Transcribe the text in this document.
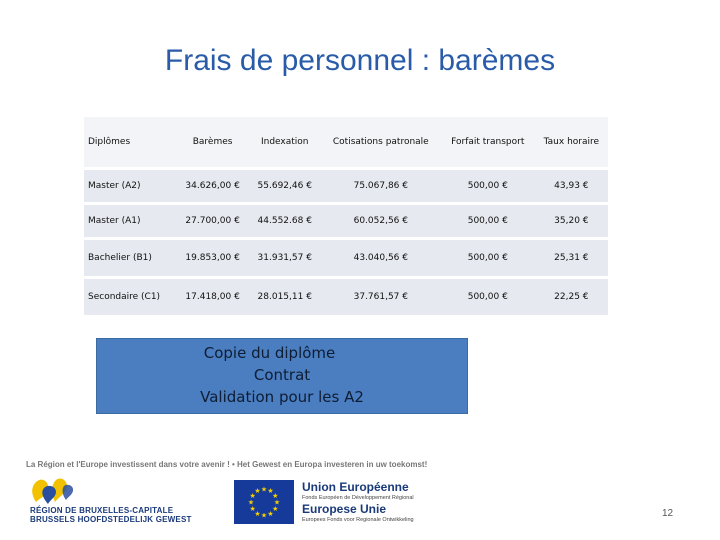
Frais de personnel : barèmes
Diplômes	Barèmes	Indexation	Cotisations patronale	Forfait transport	Taux horaire
Master (A2)	34.626,00 €	55.692,46 €	75.067,86 €	500,00 €	43,93 €
Master (A1)	27.700,00 €	44.552.68 €	60.052,56 €	500,00 €	35,20 €
Bachelier (B1)	19.853,00 €	31.931,57 €	43.040,56 €	500,00 €	25,31 €
Secondaire (C1)	17.418,00 €	28.015,11 €	37.761,57 €	500,00 €	22,25 €
Copie du diplôme
Contrat
Validation pour les A2
La Région et l'Europe investissent dans votre avenir ! • Het Gewest en Europa investeren in uw toekomst!
RÉGION DE BRUXELLES-CAPITALE
BRUSSELS HOOFDSTEDELIJK GEWEST
★ ★
★
★
★
★
★
★
★
★
★
★	Union Européenne
Fonds Européen de Développement Régional
Europese Unie
Europees Fonds voor Regionale Ontwikkeling
12
